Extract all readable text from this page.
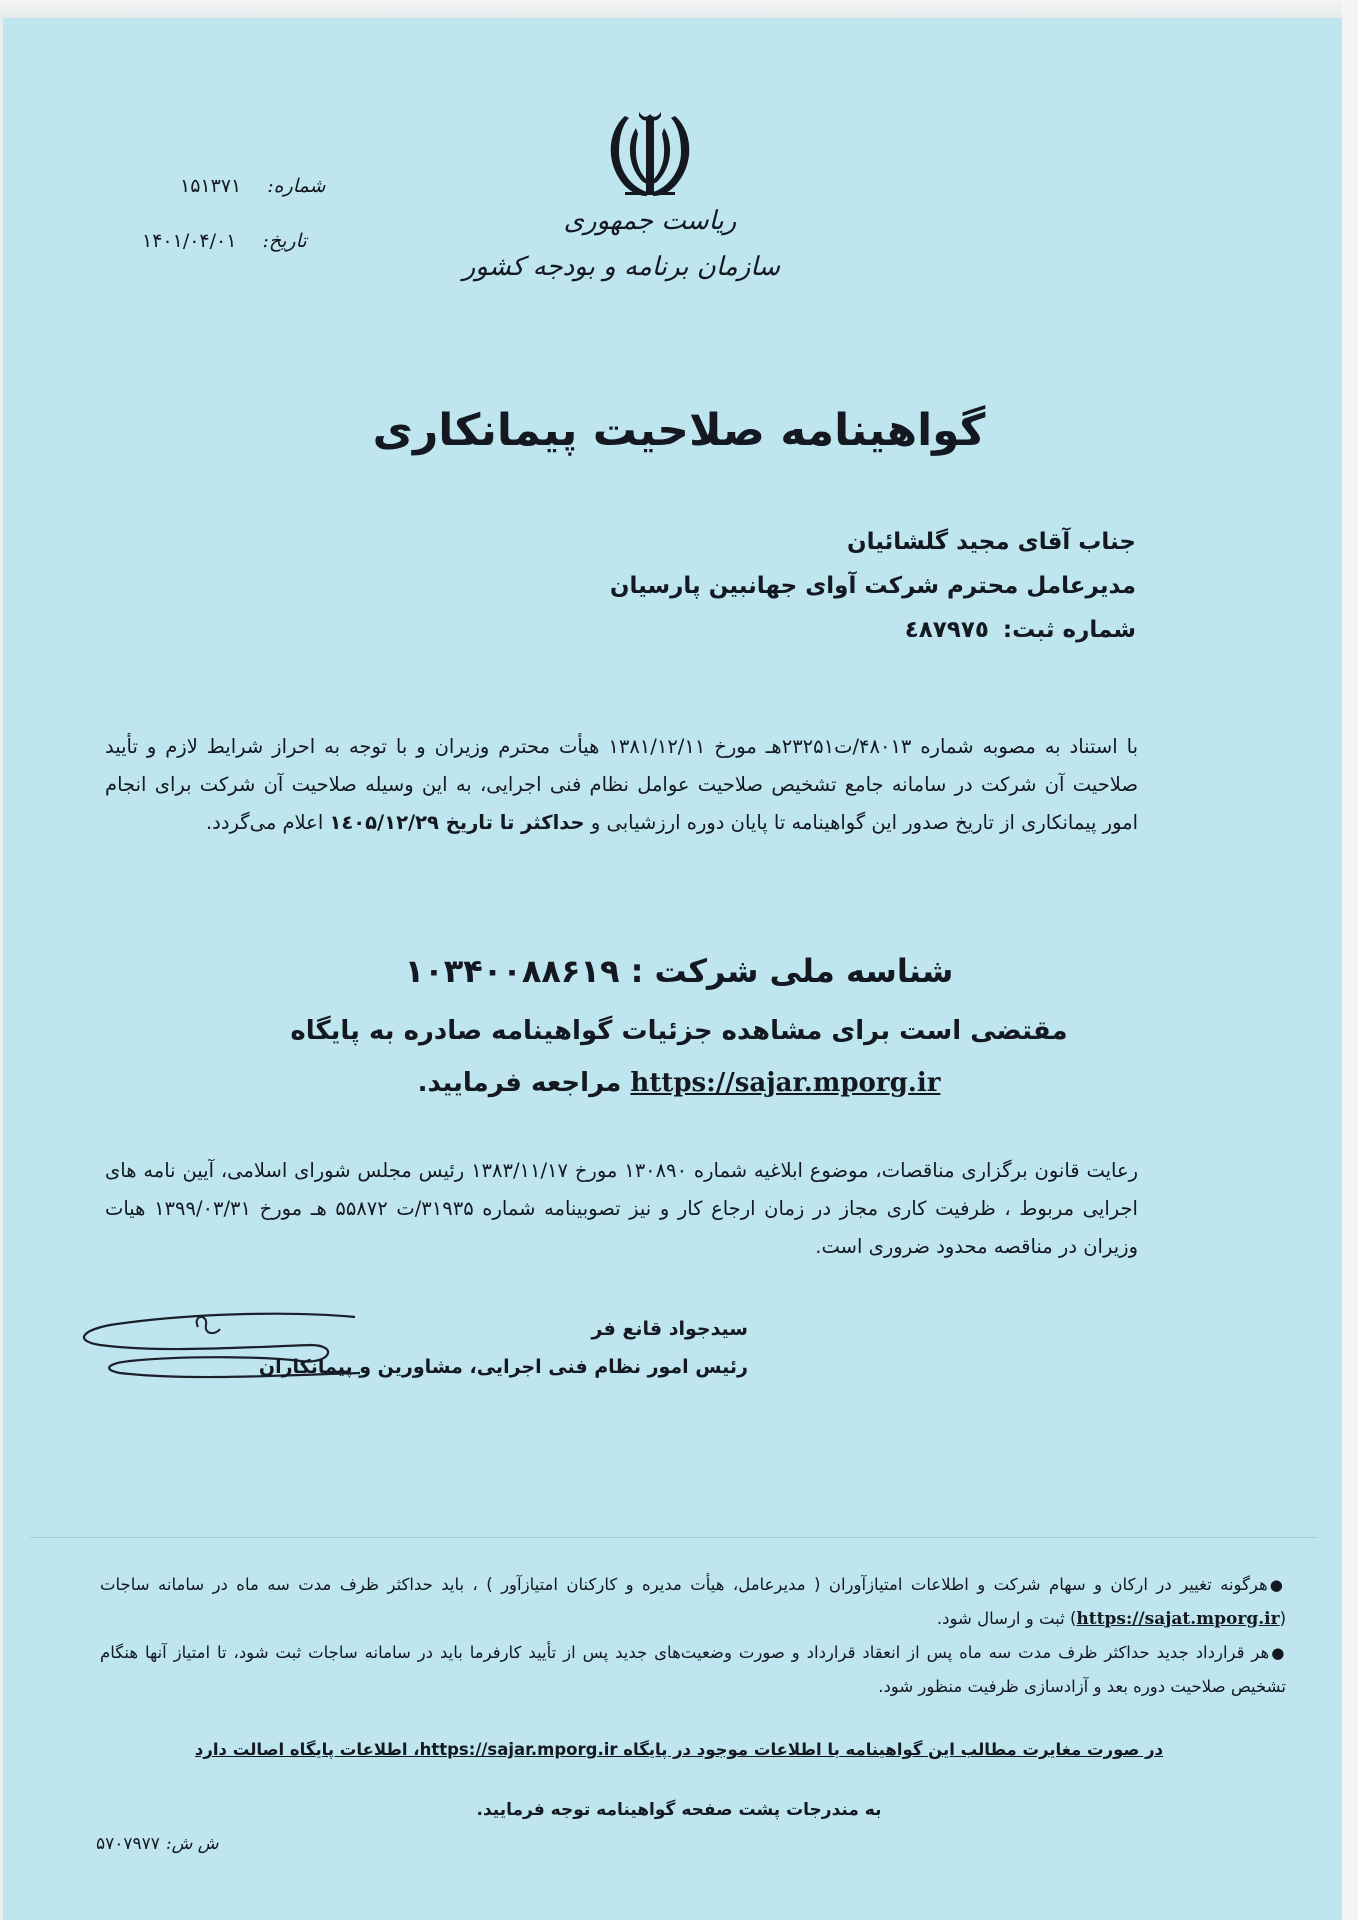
شماره:
۱۵۱۳۷۱
تاریخ:
۱۴۰۱/۰۴/۰۱
ریاست جمهوری
سازمان برنامه و بودجه کشور
گواهینامه صلاحیت پیمانکاری
جناب آقای مجید گلشائیان
مدیرعامل محترم شرکت آوای جهانبین پارسیان
شماره ثبت:٤٨٧٩٧٥
با استناد به مصوبه شماره ۴۸۰۱۳/ت۲۳۲۵۱هـ مورخ ۱۳۸۱/۱۲/۱۱ هیأت محترم وزیران و با توجه به احراز شرایط لازم و تأیید صلاحیت آن شرکت در سامانه جامع تشخیص صلاحیت عوامل نظام فنی اجرایی، به این وسیله صلاحیت آن شرکت برای انجام امور پیمانکاری از تاریخ صدور این گواهینامه تا پایان دوره ارزشیابی و حداکثر تا تاریخ ۱٤۰۵/۱۲/۲۹ اعلام می‌گردد.
شناسه ملی شرکت : ۱۰۳۴۰۰۸۸۶۱۹
مقتضی است برای مشاهده جزئیات گواهینامه صادره به پایگاه
https://sajar.mporg.ir مراجعه فرمایید.
رعایت قانون برگزاری مناقصات، موضوع ابلاغیه شماره ۱۳۰۸۹۰ مورخ ۱۳۸۳/۱۱/۱۷ رئیس مجلس شورای اسلامی، آیین نامه های اجرایی مربوط ، ظرفیت کاری مجاز در زمان ارجاع کار و نیز تصوبینامه شماره ۳۱۹۳۵/ت ۵۵۸۷۲ هـ مورخ ۱۳۹۹/۰۳/۳۱ هیات وزیران در مناقصه محدود ضروری است.
سیدجواد قانع فر
رئیس امور نظام فنی اجرایی، مشاورین و پیمانکاران

●هرگونه تغییر در ارکان و سهام شرکت و اطلاعات امتیازآوران ( مدیرعامل، هیأت مدیره و کارکنان امتیازآور ) ، باید حداکثر ظرف مدت سه ماه در سامانه ساجات (https://sajat.mporg.ir) ثبت و ارسال شود.

●هر قرارداد جدید حداکثر ظرف مدت سه ماه پس از انعقاد قرارداد و صورت وضعیت‌های جدید پس از تأیید کارفرما باید در سامانه ساجات ثبت شود، تا امتیاز آنها هنگام تشخیص صلاحیت دوره بعد و آزادسازی ظرفیت منظور شود.

در صورت مغایرت مطالب این گواهینامه با اطلاعات موجود در پایگاه https://sajar.mporg.ir، اطلاعات پایگاه اصالت دارد
به مندرجات پشت صفحه گواهینامه توجه فرمایید.
ش ش:
۵۷۰۷۹۷۷
